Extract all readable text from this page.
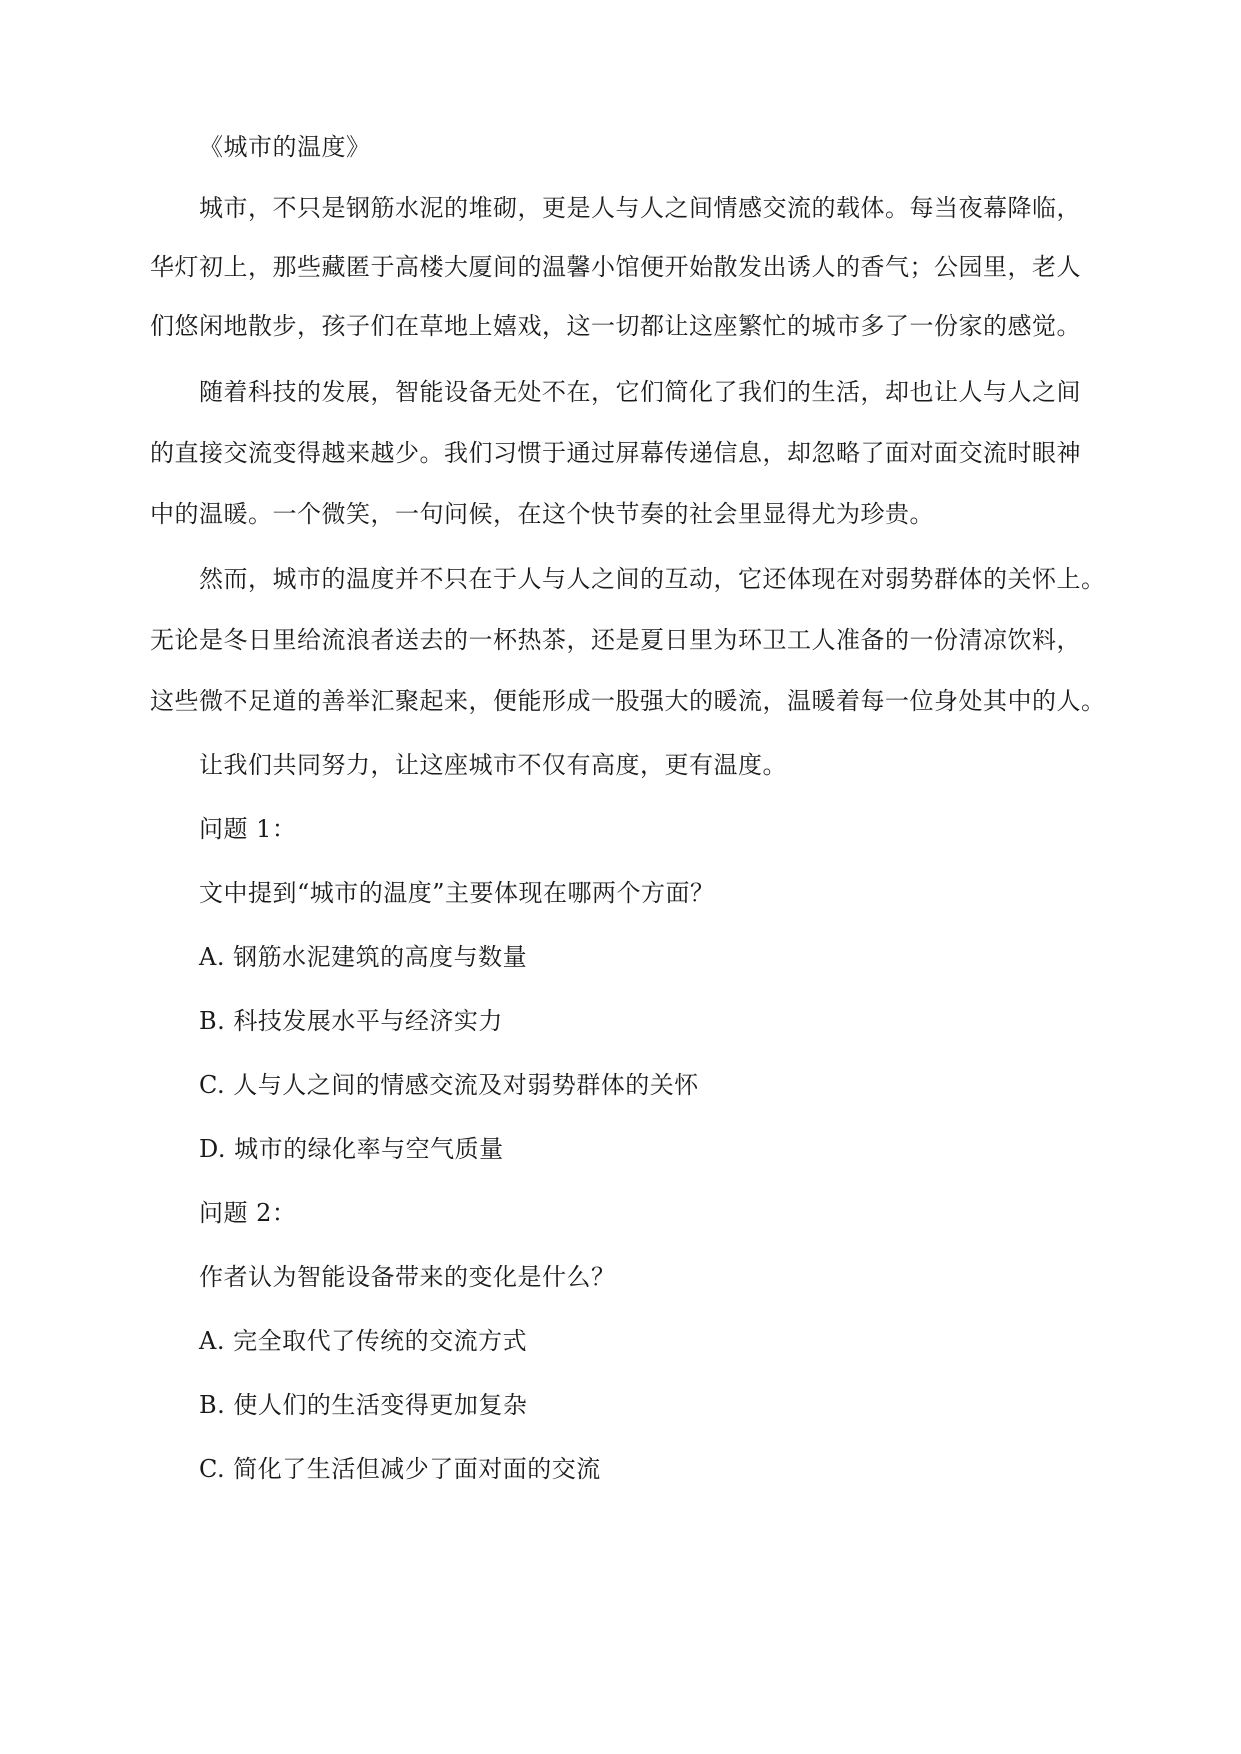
《城市的温度》
城市，不只是钢筋水泥的堆砌，更是人与人之间情感交流的载体。每当夜幕降临，
华灯初上，那些藏匿于高楼大厦间的温馨小馆便开始散发出诱人的香气；公园里，老人
们悠闲地散步，孩子们在草地上嬉戏，这一切都让这座繁忙的城市多了一份家的感觉。
随着科技的发展，智能设备无处不在，它们简化了我们的生活，却也让人与人之间
的直接交流变得越来越少。我们习惯于通过屏幕传递信息，却忽略了面对面交流时眼神
中的温暖。一个微笑，一句问候，在这个快节奏的社会里显得尤为珍贵。
然而，城市的温度并不只在于人与人之间的互动，它还体现在对弱势群体的关怀上。
无论是冬日里给流浪者送去的一杯热茶，还是夏日里为环卫工人准备的一份清凉饮料，
这些微不足道的善举汇聚起来，便能形成一股强大的暖流，温暖着每一位身处其中的人。
让我们共同努力，让这座城市不仅有高度，更有温度。
问题 1：
文中提到“城市的温度”主要体现在哪两个方面？
A. 钢筋水泥建筑的高度与数量
B. 科技发展水平与经济实力
C. 人与人之间的情感交流及对弱势群体的关怀
D. 城市的绿化率与空气质量
问题 2：
作者认为智能设备带来的变化是什么？
A. 完全取代了传统的交流方式
B. 使人们的生活变得更加复杂
C. 简化了生活但减少了面对面的交流
